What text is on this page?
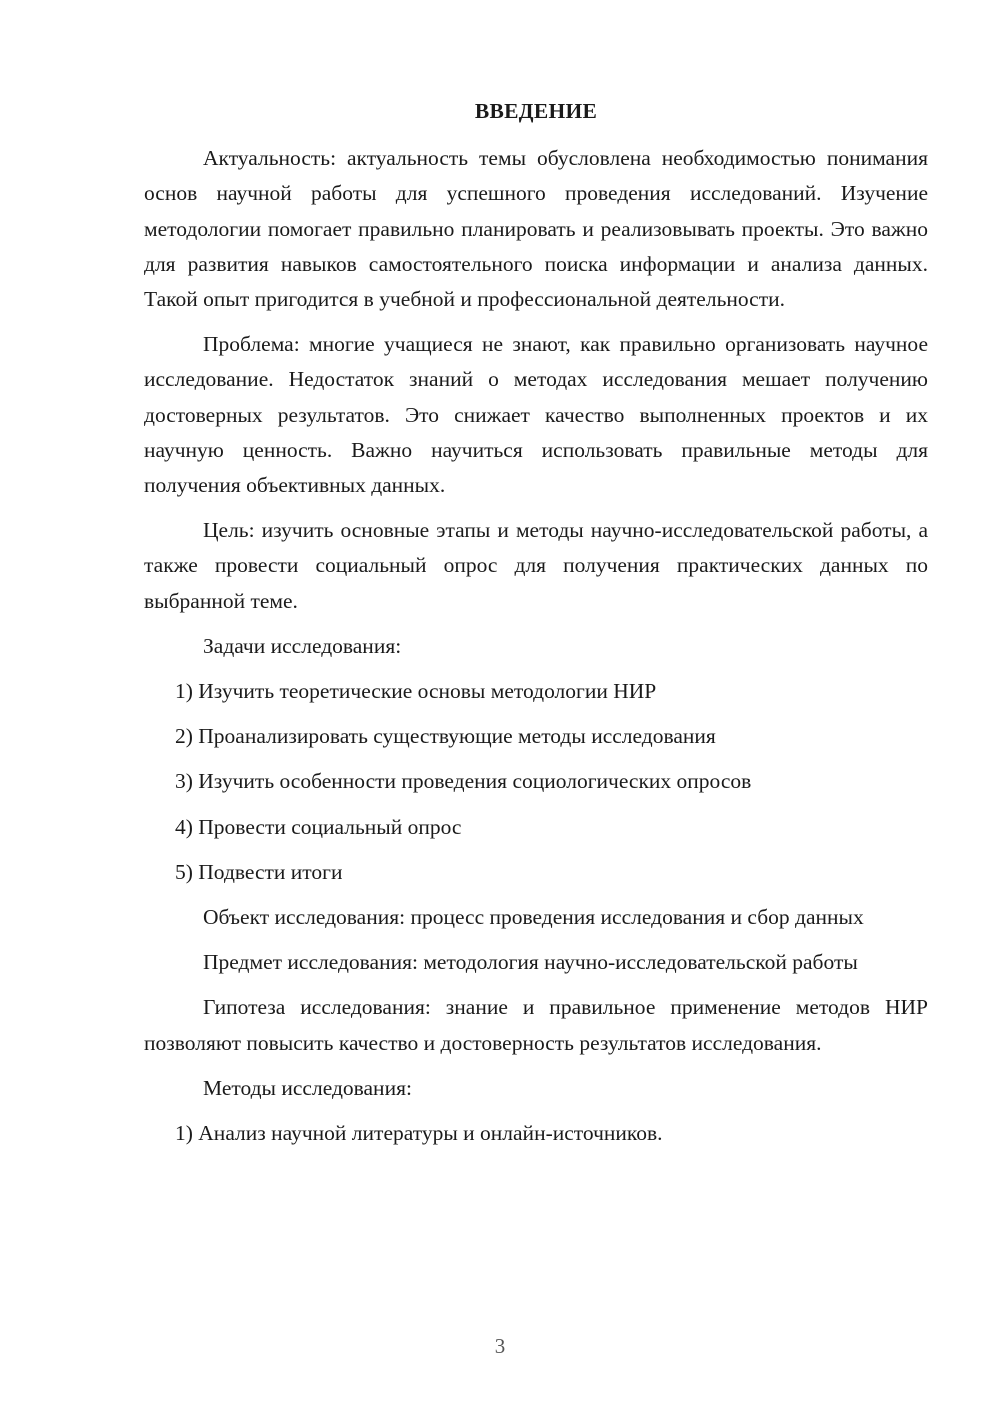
ВВЕДЕНИЕ

Актуальность: актуальность темы обусловлена необходимостью понимания основ научной работы для успешного проведения исследований. Изучение методологии помогает правильно планировать и реализовывать проекты. Это важно для развития навыков самостоятельного поиска информации и анализа данных. Такой опыт пригодится в учебной и профессиональной деятельности.

Проблема: многие учащиеся не знают, как правильно организовать научное исследование. Недостаток знаний о методах исследования мешает получению достоверных результатов. Это снижает качество выполненных проектов и их научную ценность. Важно научиться использовать правильные методы для получения объективных данных.

Цель: изучить основные этапы и методы научно-исследовательской работы, а также провести социальный опрос для получения практических данных по выбранной теме.

Задачи исследования:

1) Изучить теоретические основы методологии НИР
2) Проанализировать существующие методы исследования
3) Изучить особенности проведения социологических опросов
4) Провести социальный опрос
5) Подвести итоги

Объект исследования: процесс проведения исследования и сбор данных

Предмет исследования: методология научно-исследовательской работы

Гипотеза исследования: знание и правильное применение методов НИР позволяют повысить качество и достоверность результатов исследования.

Методы исследования:

1) Анализ научной литературы и онлайн-источников.
3
